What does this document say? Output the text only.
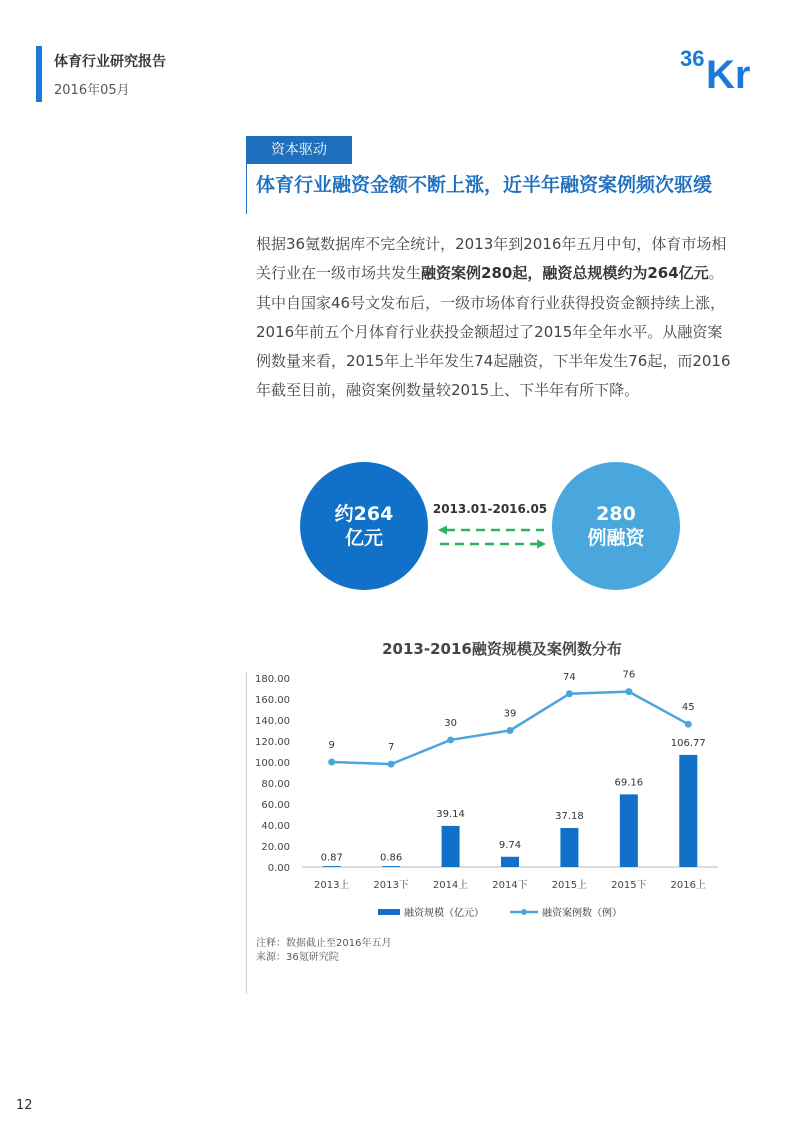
体育行业研究报告
2016年05月
36 Kr
资本驱动
体育行业融资金额不断上涨，近半年融资案例频次驱缓
根据36氪数据库不完全统计，2013年到2016年五月中旬，体育市场相关行业在一级市场共发生融资案例280起，融资总规模约为264亿元。其中自国家46号文发布后，一级市场体育行业获得投资金额持续上涨，2016年前五个月体育行业获投金额超过了2015年全年水平。从融资案例数量来看，2015年上半年发生74起融资，下半年发生76起，而2016年截至目前，融资案例数量较2015上、下半年有所下降。
约264
亿元
2013.01-2016.05	280
例融资
2013-2016融资规模及案例数分布
0.00
20.00
40.00
60.00
80.00
100.00
120.00
140.00
160.00
180.00
0.87	0.86
39.14
9.74
37.18
69.16
106.77
9	7
30
39
74	76
45
2013上 2013下 2014上 2014下 2015上 2015下 2016上
融资规模（亿元）	融资案例数（例）
注释：数据截止至2016年五月
来源：36氪研究院
12
